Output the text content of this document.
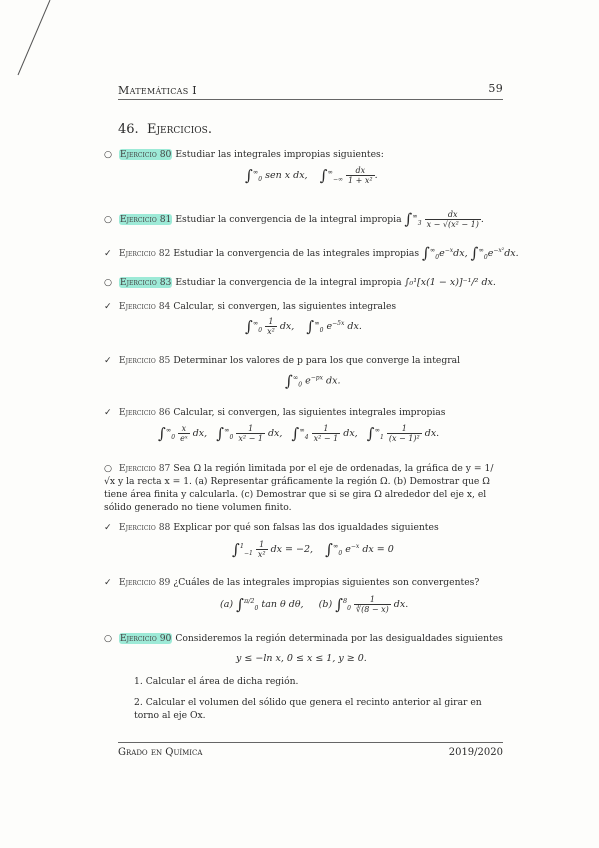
Matemáticas I	59
46. Ejercicios.
○ Ejercicio 80 Estudiar las integrales impropias siguientes:
$\int^\infty_0$ sen x dx, $\int^\infty_{-\infty} \frac{dx}{\text{1 + x²}}$ .
○ Ejercicio 81 Estudiar la convergencia de la integral impropia $\int^\infty_3 \frac{dx}{\text{x − √(x² − 1)}}$ .
✓ Ejercicio 82 Estudiar la convergencia de las integrales impropias $\int^\infty_0e^{-x}dx$, $\int^\infty_0e^{-x^2}dx$.
○ Ejercicio 83 Estudiar la convergencia de la integral impropia ∫₀¹[x(1 − x)]⁻¹/² dx.
✓ Ejercicio 84 Calcular, si convergen, las siguientes integrales
$\int^\infty_0 \frac{1}{\text{x²}}$ dx,    $\int^\infty_0$ $e^{-5x}$ dx.
✓ Ejercicio 85 Determinar los valores de p para los que converge la integral
$\int^\infty_0$ $e^{-px}$ dx.
✓ Ejercicio 86 Calcular, si convergen, las siguientes integrales impropias
$\int^\infty_0 \frac{x}{\text{eˣ}}$ dx,   $\int^\infty_0 \frac{1}{\text{x² − 1}}$ dx,   $\int^\infty_4 \frac{1}{\text{x² − 1}}$ dx,   $\int^\infty_1 \frac{1}{\text{(x − 1)²}}$ dx.
○ Ejercicio 87 Sea Ω la región limitada por el eje de ordenadas, la gráfica de y = 1/√x y la recta x = 1. (a) Representar gráficamente la región Ω. (b) Demostrar que Ω tiene área finita y calcularla. (c) Demostrar que si se gira Ω alrededor del eje x, el sólido generado no tiene volumen finito.
✓ Ejercicio 88 Explicar por qué son falsas las dos igualdades siguientes
$\int^1_{-1} \frac{1}{\text{x²}}$ dx = −2,    $\int^\infty_0$ $e^{-x}$ dx = 0
✓ Ejercicio 89 ¿Cuáles de las integrales impropias siguientes son convergentes?
(a) ∫$^{\pi/2}_0$ tan θ dθ,     (b) $\int^8_0 \frac{1}{∛(8 - x)}$ dx.
○ Ejercicio 90 Consideremos la región determinada por las desigualdades siguientes
y ≤ −ln x, 0 ≤ x ≤ 1, y ≥ 0.
1. Calcular el área de dicha región.
2. Calcular el volumen del sólido que genera el recinto anterior al girar en torno al eje Ox.
Grado en Química	2019/2020
